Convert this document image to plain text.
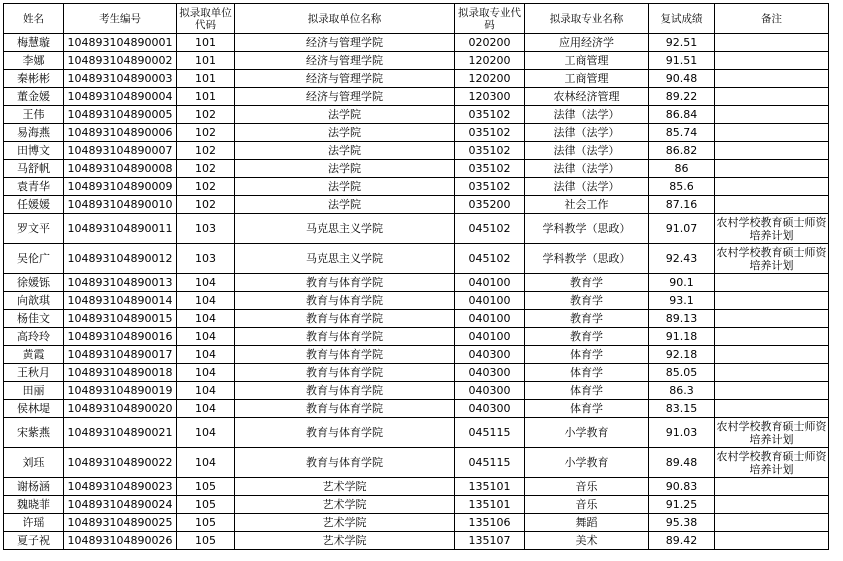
姓名	考生编号	拟录取单位代码	拟录取单位名称	拟录取专业代码	拟录取专业名称	复试成绩	备注
梅慧璇	104893104890001	101	经济与管理学院	020200	应用经济学	92.51	
李娜	104893104890002	101	经济与管理学院	120200	工商管理	91.51	
秦彬彬	104893104890003	101	经济与管理学院	120200	工商管理	90.48	
董金媛	104893104890004	101	经济与管理学院	120300	农林经济管理	89.22	
王伟	104893104890005	102	法学院	035102	法律（法学）	86.84	
易海燕	104893104890006	102	法学院	035102	法律（法学）	85.74	
田博文	104893104890007	102	法学院	035102	法律（法学）	86.82	
马舒帆	104893104890008	102	法学院	035102	法律（法学）	86	
袁青华	104893104890009	102	法学院	035102	法律（法学）	85.6	
任媛媛	104893104890010	102	法学院	035200	社会工作	87.16	
罗文平	104893104890011	103	马克思主义学院	045102	学科教学（思政）	91.07	农村学校教育硕士师资培养计划
吴伦广	104893104890012	103	马克思主义学院	045102	学科教学（思政）	92.43	农村学校教育硕士师资培养计划
徐媛铄	104893104890013	104	教育与体育学院	040100	教育学	90.1	
向歆琪	104893104890014	104	教育与体育学院	040100	教育学	93.1	
杨佳文	104893104890015	104	教育与体育学院	040100	教育学	89.13	
高玲玲	104893104890016	104	教育与体育学院	040100	教育学	91.18	
黄霞	104893104890017	104	教育与体育学院	040300	体育学	92.18	
王秋月	104893104890018	104	教育与体育学院	040300	体育学	85.05	
田丽	104893104890019	104	教育与体育学院	040300	体育学	86.3	
侯林堤	104893104890020	104	教育与体育学院	040300	体育学	83.15	
宋紫燕	104893104890021	104	教育与体育学院	045115	小学教育	91.03	农村学校教育硕士师资培养计划
刘珏	104893104890022	104	教育与体育学院	045115	小学教育	89.48	农村学校教育硕士师资培养计划
谢杨涵	104893104890023	105	艺术学院	135101	音乐	90.83	
魏晓菲	104893104890024	105	艺术学院	135101	音乐	91.25	
许瑶	104893104890025	105	艺术学院	135106	舞蹈	95.38	
夏子祝	104893104890026	105	艺术学院	135107	美术	89.42	
